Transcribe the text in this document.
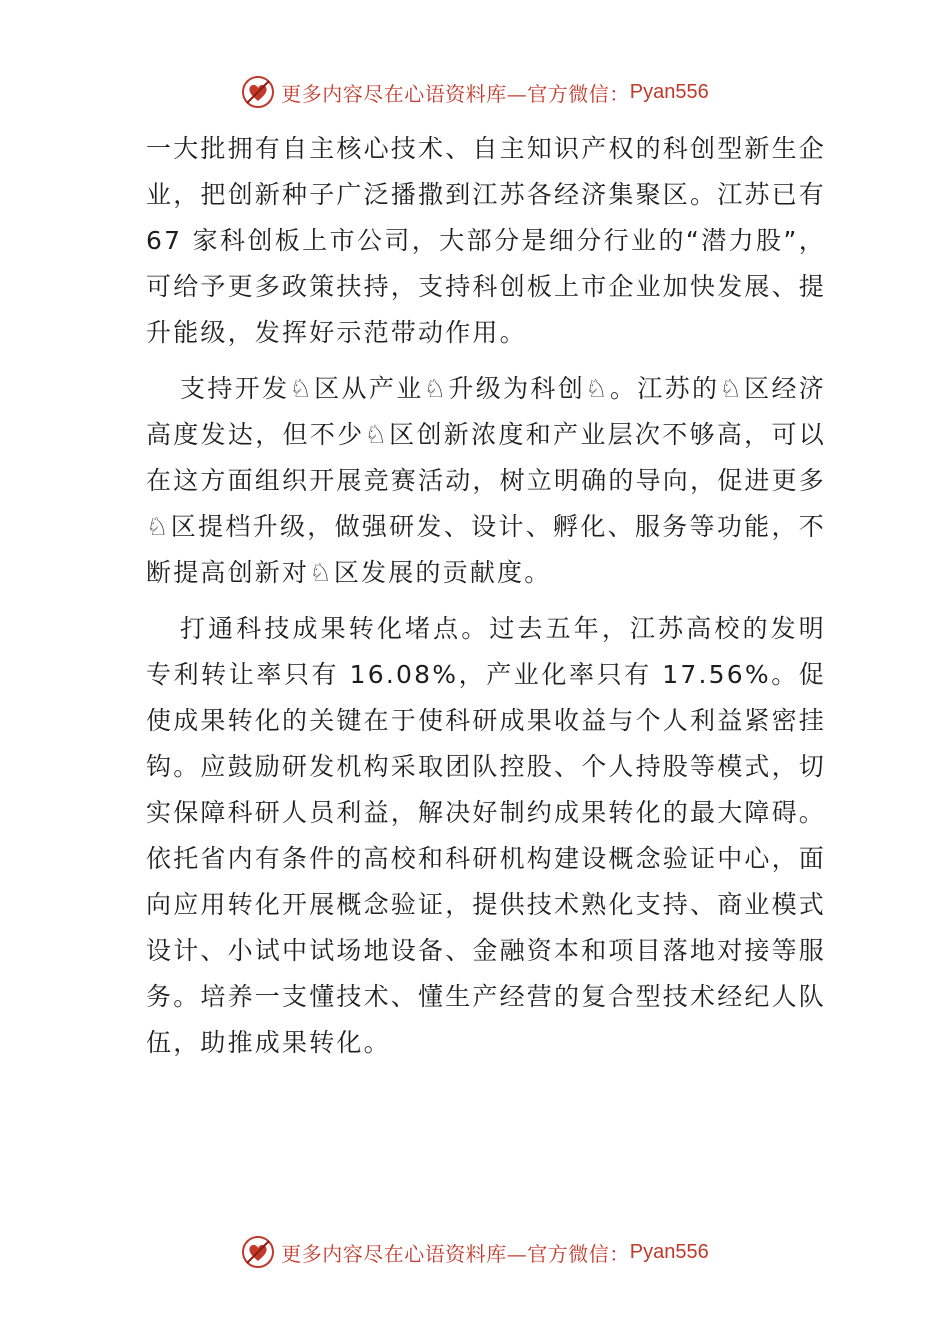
更多内容尽在心语资料库— 官方微信： Pyan556

一大批拥有自主核心技术、自主知识产权的科创型新生企业，把创新种子广泛播撒到江苏各经济集聚区。江苏已有 67 家科创板上市公司，大部分是细分行业的“潜力股”，可给予更多政策扶持，支持科创板上市企业加快发展、提升能级，发挥好示范带动作用。

支持开发♘区从产业♘升级为科创♘。江苏的♘区经济高度发达，但不少♘区创新浓度和产业层次不够高，可以在这方面组织开展竞赛活动，树立明确的导向，促进更多♘区提档升级，做强研发、设计、孵化、服务等功能，不断提高创新对♘区发展的贡献度。

打通科技成果转化堵点。过去五年，江苏高校的发明专利转让率只有 16.08%，产业化率只有 17.56%。促使成果转化的关键在于使科研成果收益与个人利益紧密挂钩。应鼓励研发机构采取团队控股、个人持股等模式，切实保障科研人员利益，解决好制约成果转化的最大障碍。依托省内有条件的高校和科研机构建设概念验证中心，面向应用转化开展概念验证，提供技术熟化支持、商业模式设计、小试中试场地设备、金融资本和项目落地对接等服务。培养一支懂技术、懂生产经营的复合型技术经纪人队伍，助推成果转化。

更多内容尽在心语资料库— 官方微信： Pyan556
